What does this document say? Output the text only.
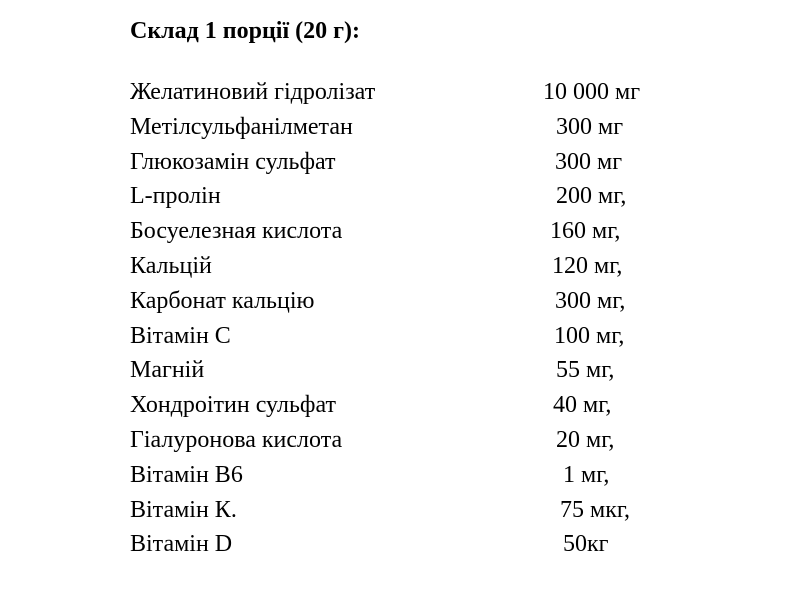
Склад 1 порції (20 г):
Желатиновий гідролізат	10 000 мг
Метілсульфанілметан	300 мг
Глюкозамін сульфат	300 мг
L-пролін	200 мг,
Босуелезная кислота	160 мг,
Кальцій	120 мг,
Карбонат кальцію	300 мг,
Вітамін С	100 мг,
Магній	55 мг,
Хондроітин сульфат	40 мг,
Гіалуронова кислота	20 мг,
Вітамін В6	1 мг,
Вітамін К.	75 мкг,
Вітамін D	50кг
